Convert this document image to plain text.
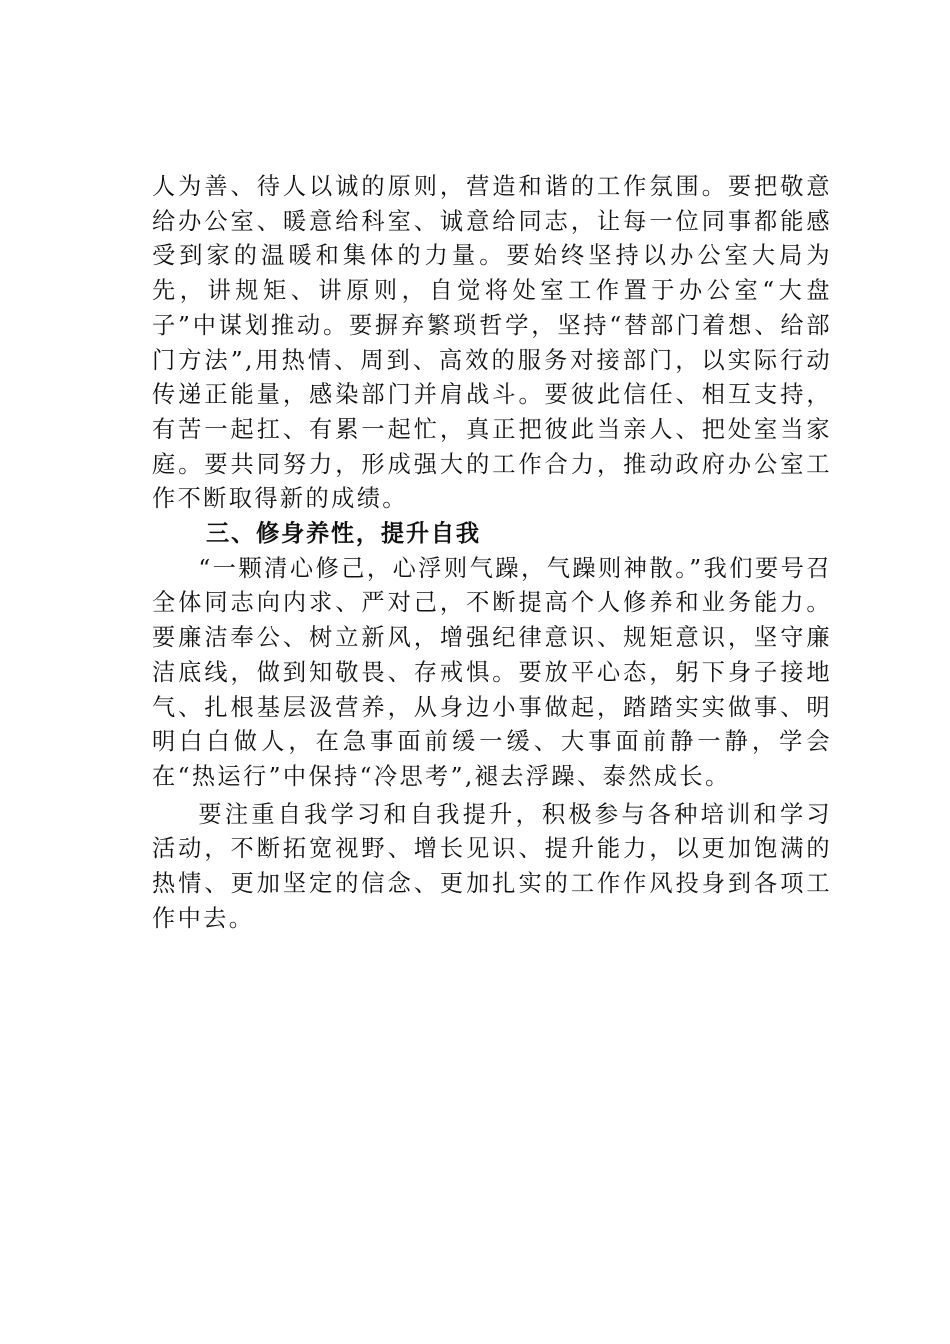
人为善、待人以诚的原则，营造和谐的工作氛围。要把敬意给办公室、暖意给科室、诚意给同志，让每一位同事都能感受到家的温暖和集体的力量。要始终坚持以办公室大局为先，讲规矩、讲原则，自觉将处室工作置于办公室“大盘子”中谋划推动。要摒弃繁琐哲学，坚持“替部门着想、给部门方法”,用热情、周到、高效的服务对接部门，以实际行动传递正能量，感染部门并肩战斗。要彼此信任、相互支持，有苦一起扛、有累一起忙，真正把彼此当亲人、把处室当家庭。要共同努力，形成强大的工作合力，推动政府办公室工作不断取得新的成绩。

三、修身养性，提升自我

“一颗清心修己，心浮则气躁，气躁则神散。”我们要号召全体同志向内求、严对己，不断提高个人修养和业务能力。要廉洁奉公、树立新风，增强纪律意识、规矩意识，坚守廉洁底线，做到知敬畏、存戒惧。要放平心态，躬下身子接地气、扎根基层汲营养，从身边小事做起，踏踏实实做事、明明白白做人，在急事面前缓一缓、大事面前静一静，学会在“热运行”中保持“冷思考”,褪去浮躁、泰然成长。

要注重自我学习和自我提升，积极参与各种培训和学习活动，不断拓宽视野、增长见识、提升能力，以更加饱满的热情、更加坚定的信念、更加扎实的工作作风投身到各项工作中去。
